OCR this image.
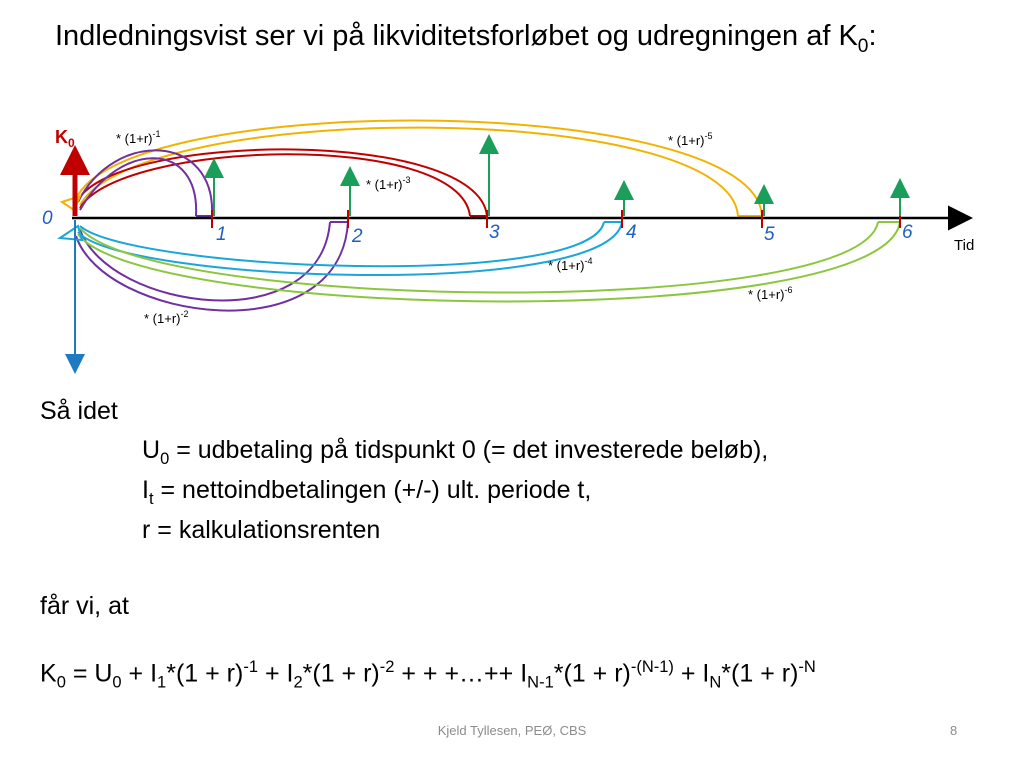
Indledningsvist ser vi på likviditetsforløbet og udregningen af $K_0$:
$K_0$
0
1	2	3	4	5	6
Tid
* $(1+r)^{-1}$
* $(1+r)^{-2}$
* $(1+r)^{-3}$
* $(1+r)^{-4}$
* $(1+r)^{-5}$
* $(1+r)^{-6}$
Så idet
$U_0$ = udbetaling på tidspunkt 0 (= det investerede beløb),
$I_t$ = nettoindbetalingen (+/-) ult. periode t,
r = kalkulationsrenten
får vi, at
$K_0 = U_0 + I_1*(1 + r)^{-1} + I_2*(1 + r)^{-2}$ + + +…++ $I_{N-1}*(1 + r)^{-(N-1)} + I_N*(1 + r)^{-N}$
Kjeld Tyllesen, PEØ, CBS	8
